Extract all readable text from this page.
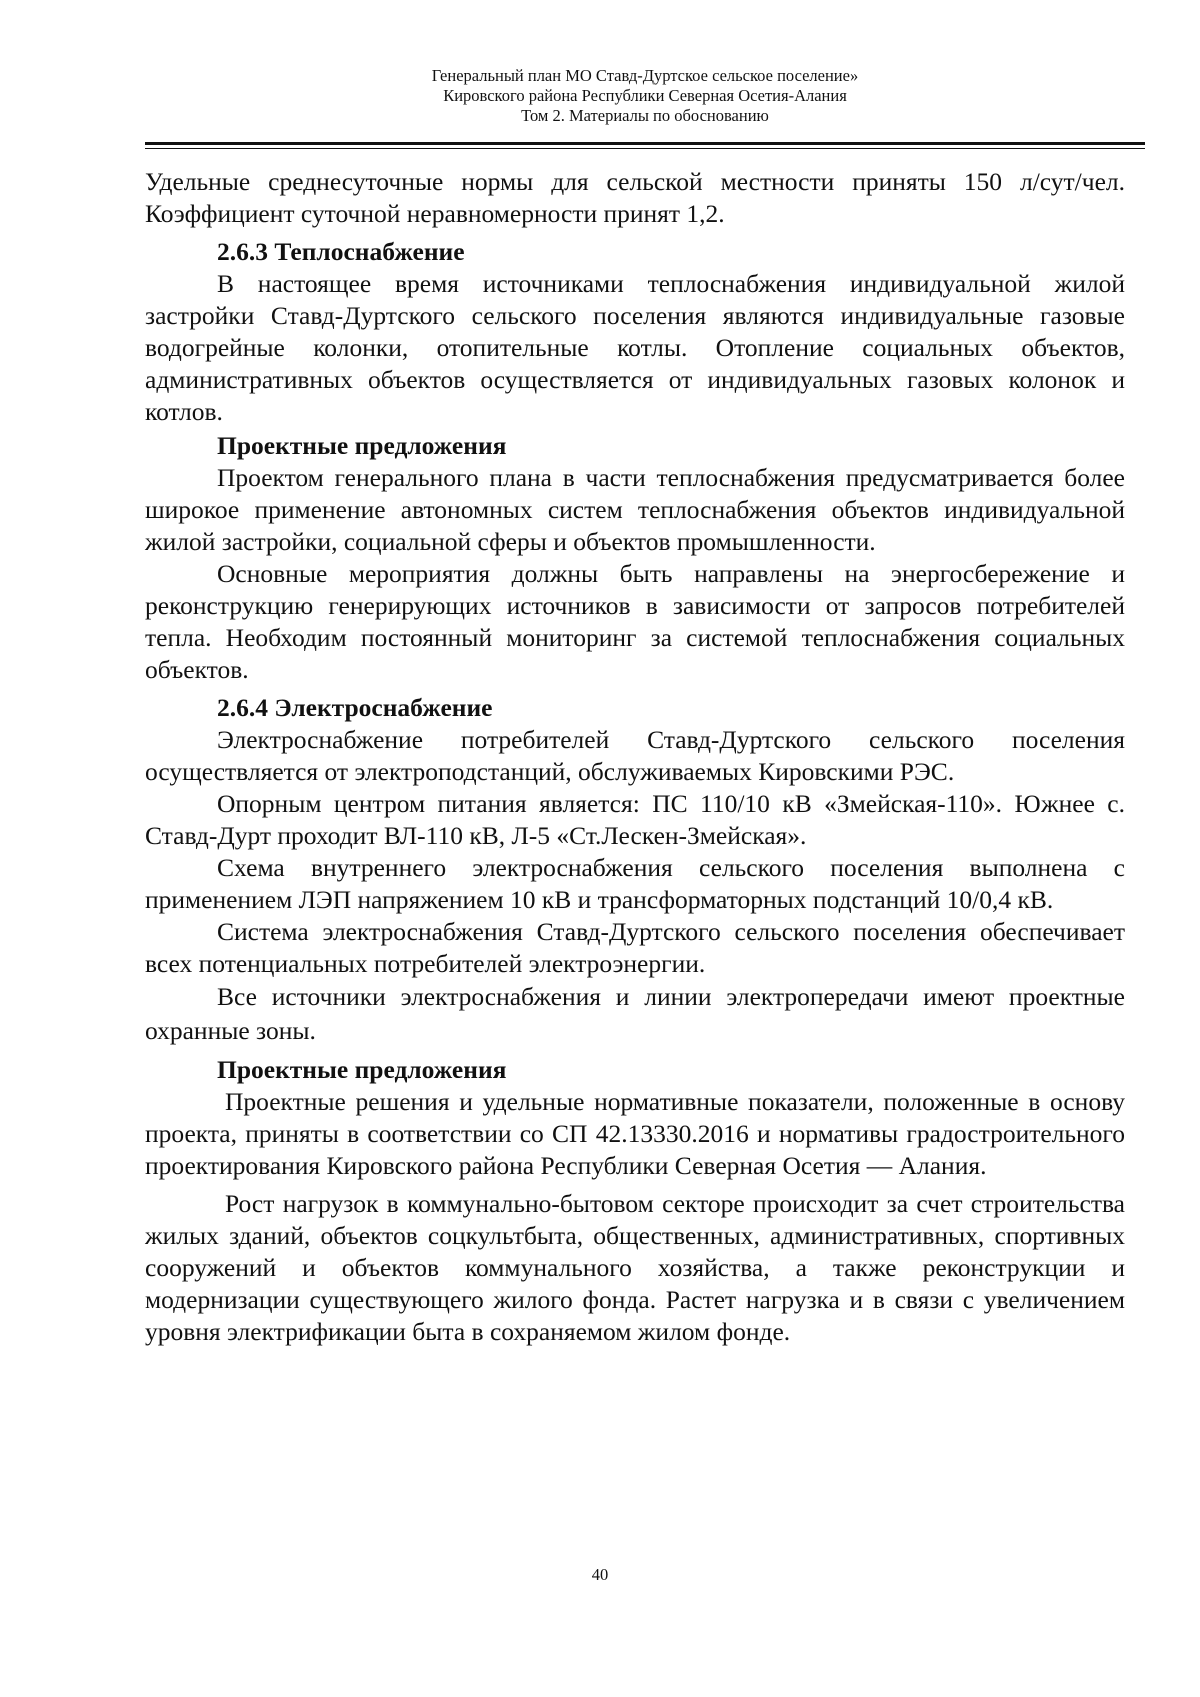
Генеральный план МО Ставд-Дуртское сельское поселение»
Кировского района Республики Северная Осетия-Алания
Том 2. Материалы по обоснованию

Удельные среднесуточные нормы для сельской местности приняты 150 л/сут/чел. Коэффициент суточной неравномерности принят 1,2.

2.6.3 Теплоснабжение

В настоящее время источниками теплоснабжения индивидуальной жилой застройки Ставд-Дуртского сельского поселения являются индивидуальные газовые водогрейные колонки, отопительные котлы. Отопление социальных объектов, административных объектов осуществляется от индивидуальных газовых колонок и котлов.

Проектные предложения

Проектом генерального плана в части теплоснабжения предусматривается более широкое применение автономных систем теплоснабжения объектов индивидуальной жилой застройки, социальной сферы и объектов промышленности.

Основные мероприятия должны быть направлены на энергосбережение и реконструкцию генерирующих источников в зависимости от запросов потребителей тепла. Необходим постоянный мониторинг за системой теплоснабжения социальных объектов.

2.6.4 Электроснабжение

Электроснабжение потребителей Ставд-Дуртского сельского поселения осуществляется от электроподстанций, обслуживаемых Кировскими РЭС.

Опорным центром питания является: ПС 110/10 кВ «Змейская-110». Южнее с. Ставд-Дурт проходит ВЛ-110 кВ, Л-5 «Ст.Лескен-Змейская».

Схема внутреннего электроснабжения сельского поселения выполнена с применением ЛЭП напряжением 10 кВ и трансформаторных подстанций 10/0,4 кВ.

Система электроснабжения Ставд-Дуртского сельского поселения обеспечивает всех потенциальных потребителей электроэнергии.

Все источники электроснабжения и линии электропередачи имеют проектные охранные зоны.

Проектные предложения

Проектные решения и удельные нормативные показатели, положенные в основу проекта, приняты в соответствии со СП 42.13330.2016 и нормативы градостроительного проектирования Кировского района Республики Северная Осетия — Алания.

Рост нагрузок в коммунально-бытовом секторе происходит за счет строительства жилых зданий, объектов соцкультбыта, общественных, административных, спортивных сооружений и объектов коммунального хозяйства, а также реконструкции и модернизации существующего жилого фонда. Растет нагрузка и в связи с увеличением уровня электрификации быта в сохраняемом жилом фонде.

40
